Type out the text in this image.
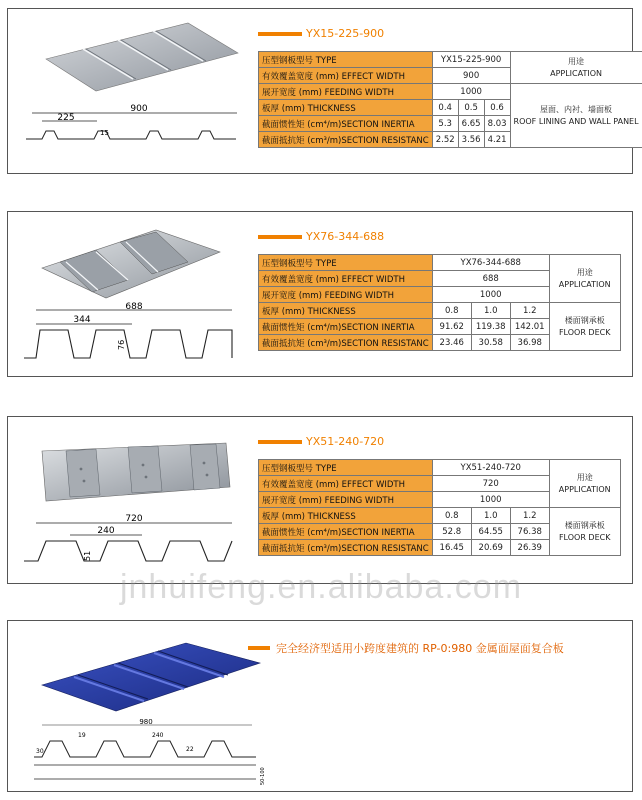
900
225
15
YX15-225-900
压型钢板型号 TYPE	YX15-225-900			用途
APPLICATION
有效覆盖宽度 (mm) EFFECT WIDTH	900			
展开宽度 (mm) FEEDING WIDTH	1000			屋面、内衬、墙面板
ROOF LINING AND WALL PANEL
板厚 (mm) THICKNESS	0.4	0.5	0.6	
截面惯性矩 (cm⁴/m)SECTION INERTIA	5.3	6.65	8.03	
截面抵抗矩 (cm³/m)SECTION RESISTANC	2.52	3.56	4.21	
688
344
76
YX76-344-688
压型钢板型号 TYPE	YX76-344-688			用途
APPLICATION
有效覆盖宽度 (mm) EFFECT WIDTH	688			
展开宽度 (mm) FEEDING WIDTH	1000			
板厚 (mm) THICKNESS	0.8	1.0	1.2	楼面钢承板
FLOOR DECK
截面惯性矩 (cm⁴/m)SECTION INERTIA	91.62	119.38	142.01	
截面抵抗矩 (cm³/m)SECTION RESISTANC	23.46	30.58	36.98	
720
240
51
YX51-240-720
压型钢板型号 TYPE	YX51-240-720			用途
APPLICATION
有效覆盖宽度 (mm) EFFECT WIDTH	720			
展开宽度 (mm) FEEDING WIDTH	1000			
板厚 (mm) THICKNESS	0.8	1.0	1.2	楼面钢承板
FLOOR DECK
截面惯性矩 (cm⁴/m)SECTION INERTIA	52.8	64.55	76.38	
截面抵抗矩 (cm³/m)SECTION RESISTANC	16.45	20.69	26.39	
jnhuifeng.en.alibaba.com
980
19	240
22
30
50-100
完全经济型适用小跨度建筑的 RP-0:980 金属面屋面复合板
